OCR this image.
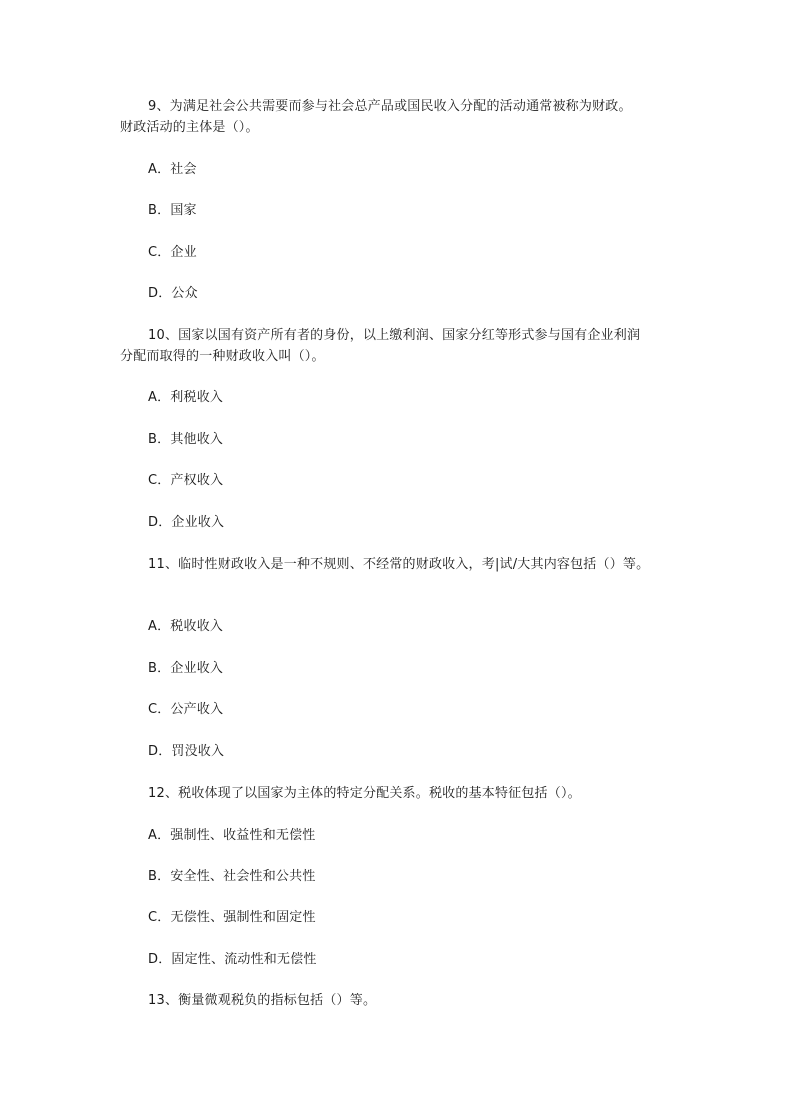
9、为满足社会公共需要而参与社会总产品或国民收入分配的活动通常被称为财政。
财政活动的主体是（）。
A．社会
B．国家
C．企业
D．公众
10、国家以国有资产所有者的身份，以上缴利润、国家分红等形式参与国有企业利润
分配而取得的一种财政收入叫（）。
A．利税收入
B．其他收入
C．产权收入
D．企业收入
11、临时性财政收入是一种不规则、不经常的财政收入，考|试/大其内容包括（）等。
A．税收收入
B．企业收入
C．公产收入
D．罚没收入
12、税收体现了以国家为主体的特定分配关系。税收的基本特征包括（）。
A．强制性、收益性和无偿性
B．安全性、社会性和公共性
C．无偿性、强制性和固定性
D．固定性、流动性和无偿性
13、衡量微观税负的指标包括（）等。
